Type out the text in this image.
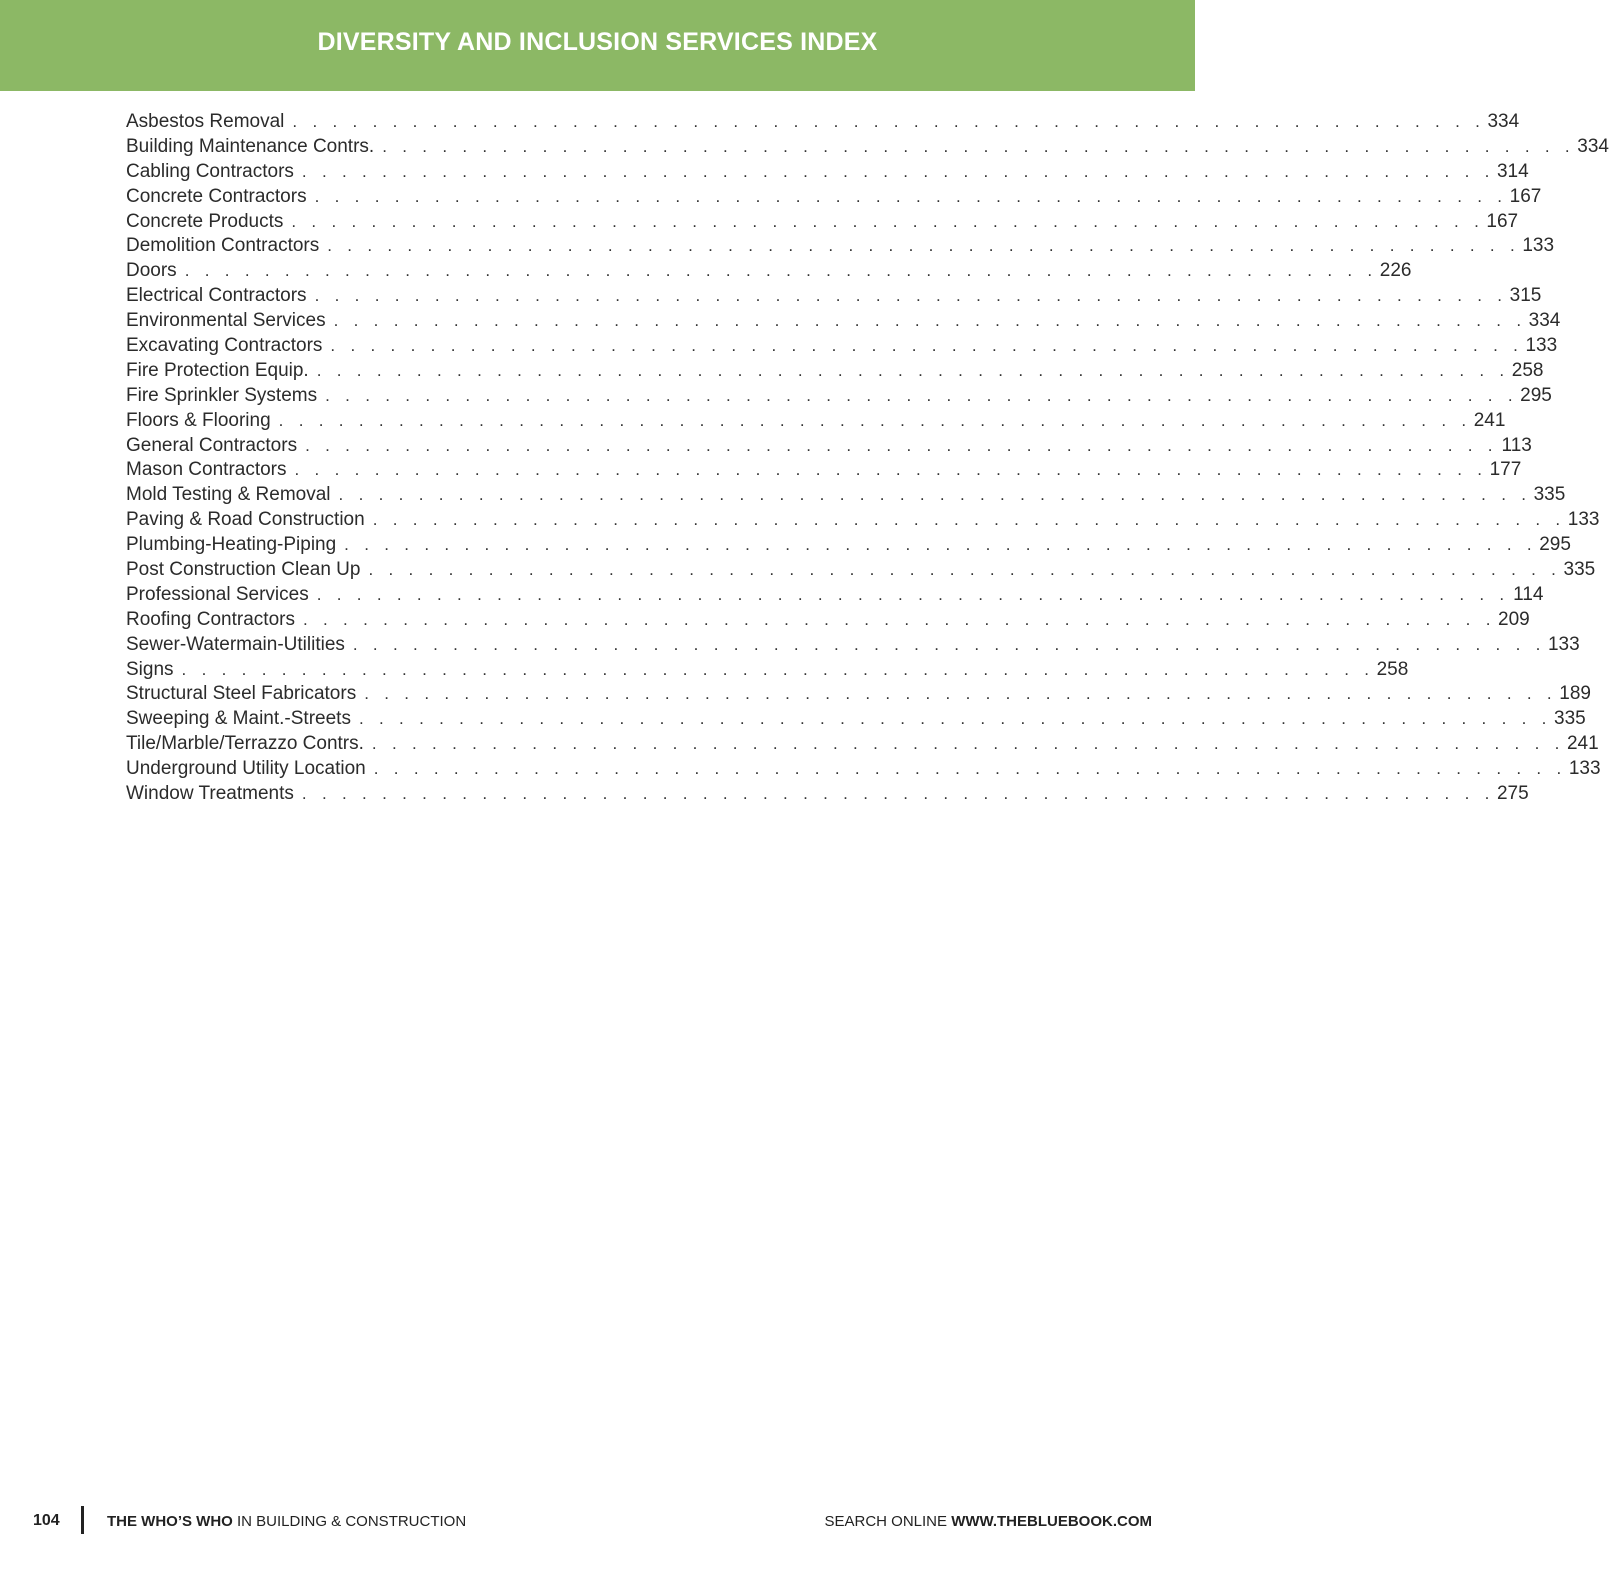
DIVERSITY AND INCLUSION SERVICES INDEX
Asbestos Removal . . . . . . . . . . . . . . . . . . . . . . . . . . . . . . . . . . . . . . . . . . . . . . . . . . . . . . . . . . . . 334
Building Maintenance Contrs. . . . . . . . . . . . . . . . . . . . . . . . . . . . . . . . . . . . . . . . . . . . . . . . . . . . . . . . . . . . . 334
Cabling Contractors . . . . . . . . . . . . . . . . . . . . . . . . . . . . . . . . . . . . . . . . . . . . . . . . . . . . . . . . . . . . 314
Concrete Contractors . . . . . . . . . . . . . . . . . . . . . . . . . . . . . . . . . . . . . . . . . . . . . . . . . . . . . . . . . . . . 167
Concrete Products . . . . . . . . . . . . . . . . . . . . . . . . . . . . . . . . . . . . . . . . . . . . . . . . . . . . . . . . . . . . 167
Demolition Contractors . . . . . . . . . . . . . . . . . . . . . . . . . . . . . . . . . . . . . . . . . . . . . . . . . . . . . . . . . . . . 133
Doors . . . . . . . . . . . . . . . . . . . . . . . . . . . . . . . . . . . . . . . . . . . . . . . . . . . . . . . . . . . . 226
Electrical Contractors . . . . . . . . . . . . . . . . . . . . . . . . . . . . . . . . . . . . . . . . . . . . . . . . . . . . . . . . . . . . 315
Environmental Services . . . . . . . . . . . . . . . . . . . . . . . . . . . . . . . . . . . . . . . . . . . . . . . . . . . . . . . . . . . . 334
Excavating Contractors . . . . . . . . . . . . . . . . . . . . . . . . . . . . . . . . . . . . . . . . . . . . . . . . . . . . . . . . . . . . 133
Fire Protection Equip. . . . . . . . . . . . . . . . . . . . . . . . . . . . . . . . . . . . . . . . . . . . . . . . . . . . . . . . . . . . . 258
Fire Sprinkler Systems . . . . . . . . . . . . . . . . . . . . . . . . . . . . . . . . . . . . . . . . . . . . . . . . . . . . . . . . . . . . 295
Floors & Flooring . . . . . . . . . . . . . . . . . . . . . . . . . . . . . . . . . . . . . . . . . . . . . . . . . . . . . . . . . . . . 241
General Contractors . . . . . . . . . . . . . . . . . . . . . . . . . . . . . . . . . . . . . . . . . . . . . . . . . . . . . . . . . . . . 113
Mason Contractors . . . . . . . . . . . . . . . . . . . . . . . . . . . . . . . . . . . . . . . . . . . . . . . . . . . . . . . . . . . . 177
Mold Testing & Removal . . . . . . . . . . . . . . . . . . . . . . . . . . . . . . . . . . . . . . . . . . . . . . . . . . . . . . . . . . . . 335
Paving & Road Construction . . . . . . . . . . . . . . . . . . . . . . . . . . . . . . . . . . . . . . . . . . . . . . . . . . . . . . . . . . . . 133
Plumbing-Heating-Piping . . . . . . . . . . . . . . . . . . . . . . . . . . . . . . . . . . . . . . . . . . . . . . . . . . . . . . . . . . . . 295
Post Construction Clean Up . . . . . . . . . . . . . . . . . . . . . . . . . . . . . . . . . . . . . . . . . . . . . . . . . . . . . . . . . . . . 335
Professional Services . . . . . . . . . . . . . . . . . . . . . . . . . . . . . . . . . . . . . . . . . . . . . . . . . . . . . . . . . . . . 114
Roofing Contractors . . . . . . . . . . . . . . . . . . . . . . . . . . . . . . . . . . . . . . . . . . . . . . . . . . . . . . . . . . . . 209
Sewer-Watermain-Utilities . . . . . . . . . . . . . . . . . . . . . . . . . . . . . . . . . . . . . . . . . . . . . . . . . . . . . . . . . . . . 133
Signs . . . . . . . . . . . . . . . . . . . . . . . . . . . . . . . . . . . . . . . . . . . . . . . . . . . . . . . . . . . . 258
Structural Steel Fabricators . . . . . . . . . . . . . . . . . . . . . . . . . . . . . . . . . . . . . . . . . . . . . . . . . . . . . . . . . . . . 189
Sweeping & Maint.-Streets . . . . . . . . . . . . . . . . . . . . . . . . . . . . . . . . . . . . . . . . . . . . . . . . . . . . . . . . . . . . 335
Tile/Marble/Terrazzo Contrs. . . . . . . . . . . . . . . . . . . . . . . . . . . . . . . . . . . . . . . . . . . . . . . . . . . . . . . . . . . . . 241
Underground Utility Location . . . . . . . . . . . . . . . . . . . . . . . . . . . . . . . . . . . . . . . . . . . . . . . . . . . . . . . . . . . . 133
Window Treatments . . . . . . . . . . . . . . . . . . . . . . . . . . . . . . . . . . . . . . . . . . . . . . . . . . . . . . . . . . . . 275
104	THE WHO’S WHO IN BUILDING & CONSTRUCTION	SEARCH ONLINE WWW.THEBLUEBOOK.COM
